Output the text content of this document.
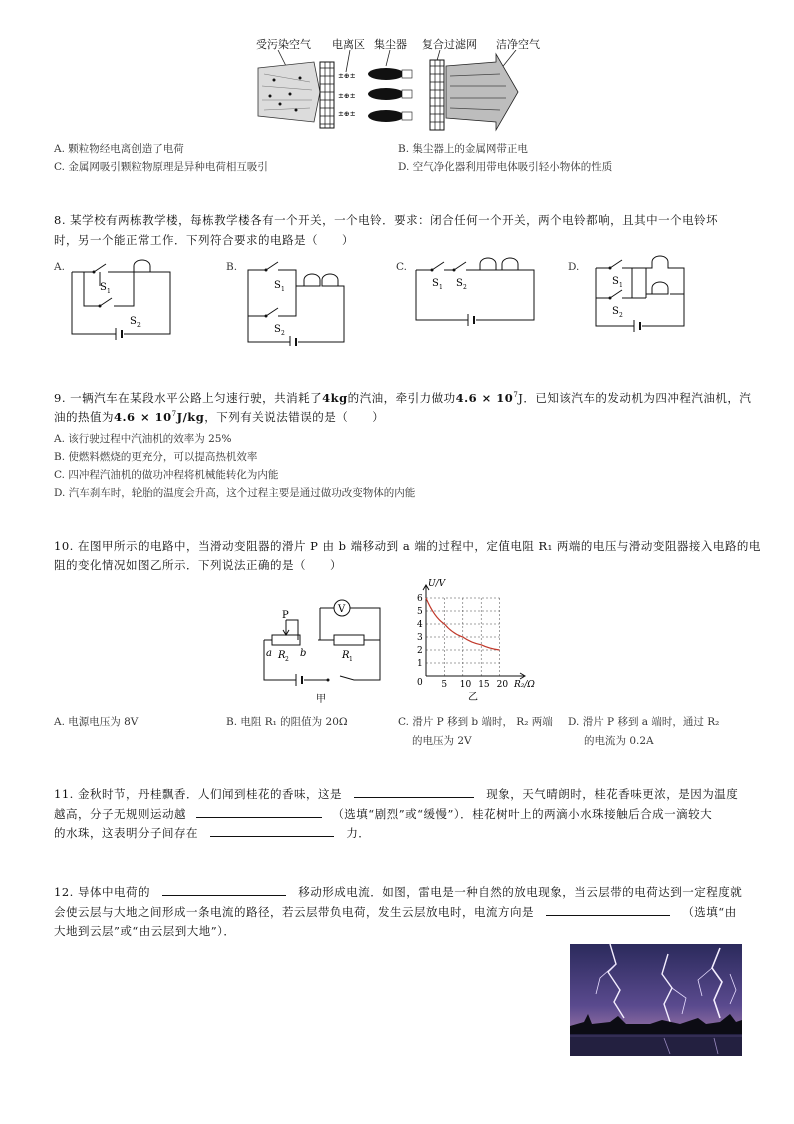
受污染空气 电离区 集尘器 复合过滤网 洁净空气
±⊕±
±⊕±
±⊕±
A. 颗粒物经电离创造了电荷	B. 集尘器上的金属网带正电
C. 金属网吸引颗粒物原理是异种电荷相互吸引	D. 空气净化器利用带电体吸引轻小物体的性质
8. 某学校有两栋教学楼，每栋教学楼各有一个开关，一个电铃．要求：闭合任何一个开关，两个电铃都响，且其中一个电铃坏
时，另一个能正常工作．下列符合要求的电路是（　　）
A.
S 1
S 2
B.
S 1
S 2
C.
S 1 S 2
D.
S 1
S 2
9. 一辆汽车在某段水平公路上匀速行驶，共消耗了4kg的汽油，牵引力做功$4.6 \times 10^7J$．已知该汽车的发动机为四冲程汽油机，汽
油的热值为$4.6 \times 10^7J/kg$，下列有关说法错误的是（　　）
A. 该行驶过程中汽油机的效率为 25%
B. 使燃料燃烧的更充分，可以提高热机效率
C. 四冲程汽油机的做功冲程将机械能转化为内能
D. 汽车刹车时，轮胎的温度会升高，这个过程主要是通过做功改变物体的内能
10. 在图甲所示的电路中，当滑动变阻器的滑片 P 由 b 端移动到 a 端的过程中，定值电阻 R₁ 两端的电压与滑动变阻器接入电路的电
阻的变化情况如图乙所示．下列说法正确的是（　　）
V
R 1
P
a R 2
b
甲
5 10 15 20
1
2
3
4
5
6
0
U/V
R₂/Ω
乙
A. 电源电压为 8V	B. 电阻 R₁ 的阻值为 20Ω	C. 滑片 P 移到 b 端时， R₂ 两端
的电压为 2V
D. 滑片 P 移到 a 端时，通过 R₂
的电流为 0.2A
11. 金秋时节，丹桂飘香．人们闻到桂花的香味，这是	现象，天气晴朗时，桂花香味更浓，是因为温度
越高，分子无规则运动越	（选填“剧烈”或“缓慢”）．桂花树叶上的两滴小水珠接触后合成一滴较大
的水珠，这表明分子间存在	力．
12. 导体中电荷的	移动形成电流．如图，雷电是一种自然的放电现象，当云层带的电荷达到一定程度就
会使云层与大地之间形成一条电流的路径，若云层带负电荷，发生云层放电时，电流方向是	（选填“由
大地到云层”或“由云层到大地”）．
